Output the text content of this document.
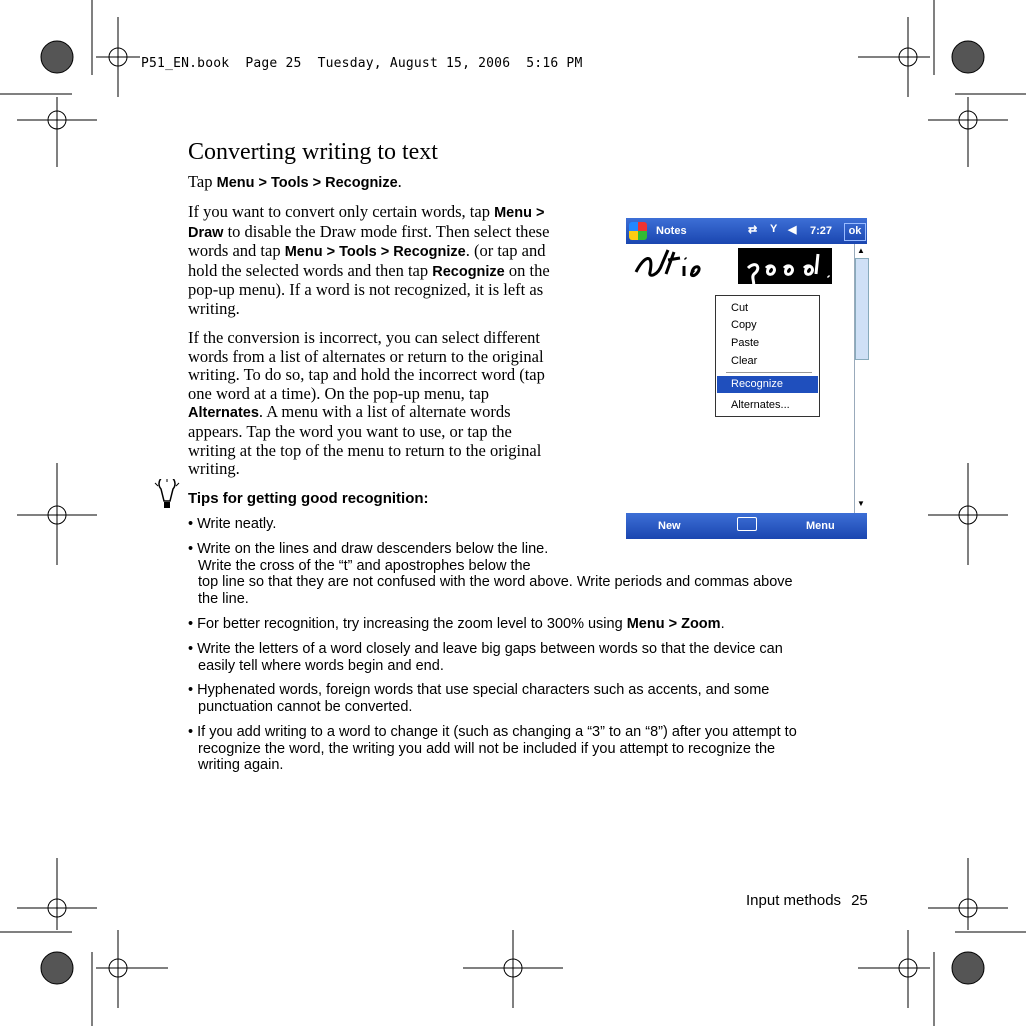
P51_EN.book  Page 25  Tuesday, August 15, 2006  5:16 PM
Converting writing to text
Tap Menu > Tools > Recognize.
If you want to convert only certain words, tap Menu >
Draw to disable the Draw mode first. Then select these
words and tap Menu > Tools > Recognize. (or tap and
hold the selected words and then tap Recognize on the
pop-up menu). If a word is not recognized, it is left as
writing.
If the conversion is incorrect, you can select different
words from a list of alternates or return to the original
writing. To do so, tap and hold the incorrect word (tap
one word at a time). On the pop-up menu, tap
Alternates. A menu with a list of alternate words
appears. Tap the word you want to use, or tap the
writing at the top of the menu to return to the original
writing.
Notes	⇄ Y ◀ 7:27	ok
Cut
Copy
Paste
Clear
Recognize
Alternates...
▲
▼
New	Menu
Tips for getting good recognition:
• Write neatly.
• Write on the lines and draw descenders below the line.
Write the cross of the “t” and apostrophes below the
top line so that they are not confused with the word above. Write periods and commas above
the line.
• For better recognition, try increasing the zoom level to 300% using Menu > Zoom.
• Write the letters of a word closely and leave big gaps between words so that the device can
easily tell where words begin and end.
• Hyphenated words, foreign words that use special characters such as accents, and some
punctuation cannot be converted.
• If you add writing to a word to change it (such as changing a “3” to an “8”) after you attempt to
recognize the word, the writing you add will not be included if you attempt to recognize the
writing again.
Input methods 25
